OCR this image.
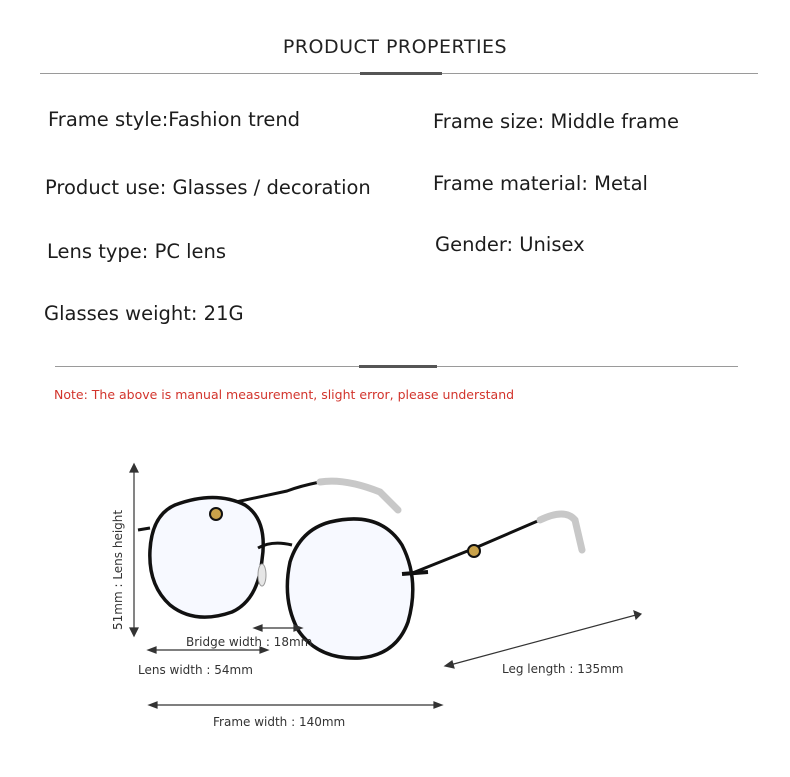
PRODUCT PROPERTIES
Frame style:Fashion trend	Frame size: Middle frame
Product use: Glasses / decoration	Frame material: Metal
Lens type: PC lens	Gender: Unisex
Glasses weight: 21G
Note: The above is manual measurement, slight error, please understand
51mm : Lens height
Bridge width : 18mm
Lens width : 54mm	Leg length : 135mm
Frame width : 140mm
